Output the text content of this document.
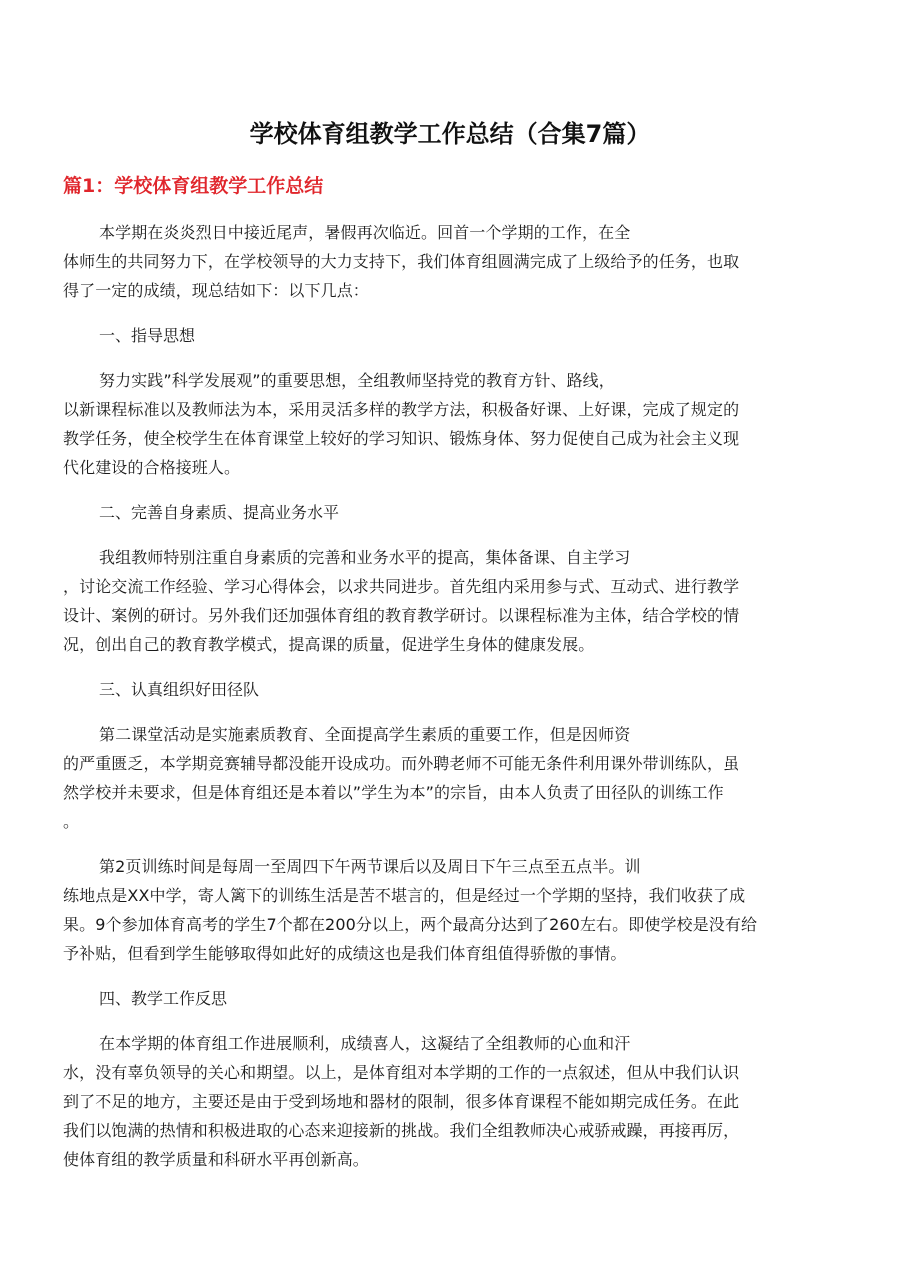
学校体育组教学工作总结（合集7篇）
篇1：学校体育组教学工作总结

本学期在炎炎烈日中接近尾声，暑假再次临近。回首一个学期的工作，在全
体师生的共同努力下，在学校领导的大力支持下，我们体育组圆满完成了上级给予的任务，也取
得了一定的成绩，现总结如下：以下几点：

一、指导思想

努力实践”科学发展观”的重要思想，全组教师坚持党的教育方针、路线，
以新课程标准以及教师法为本，采用灵活多样的教学方法，积极备好课、上好课，完成了规定的
教学任务，使全校学生在体育课堂上较好的学习知识、锻炼身体、努力促使自己成为社会主义现
代化建设的合格接班人。

二、完善自身素质、提高业务水平

我组教师特别注重自身素质的完善和业务水平的提高，集体备课、自主学习
，讨论交流工作经验、学习心得体会，以求共同进步。首先组内采用参与式、互动式、进行教学
设计、案例的研讨。另外我们还加强体育组的教育教学研讨。以课程标准为主体，结合学校的情
况，创出自己的教育教学模式，提高课的质量，促进学生身体的健康发展。

三、认真组织好田径队

第二课堂活动是实施素质教育、全面提高学生素质的重要工作，但是因师资
的严重匮乏，本学期竞赛辅导都没能开设成功。而外聘老师不可能无条件利用课外带训练队，虽
然学校并未要求，但是体育组还是本着以”学生为本”的宗旨，由本人负责了田径队的训练工作
。

第2页训练时间是每周一至周四下午两节课后以及周日下午三点至五点半。训
练地点是XX中学，寄人篱下的训练生活是苦不堪言的，但是经过一个学期的坚持，我们收获了成
果。9个参加体育高考的学生7个都在200分以上，两个最高分达到了260左右。即使学校是没有给
予补贴，但看到学生能够取得如此好的成绩这也是我们体育组值得骄傲的事情。

四、教学工作反思

在本学期的体育组工作进展顺利，成绩喜人，这凝结了全组教师的心血和汗
水，没有辜负领导的关心和期望。以上，是体育组对本学期的工作的一点叙述，但从中我们认识
到了不足的地方，主要还是由于受到场地和器材的限制，很多体育课程不能如期完成任务。在此
我们以饱满的热情和积极进取的心态来迎接新的挑战。我们全组教师决心戒骄戒躁，再接再厉，
使体育组的教学质量和科研水平再创新高。
